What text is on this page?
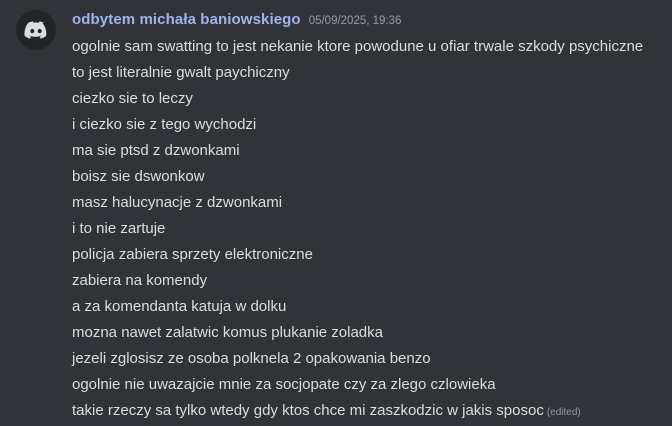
odbytem michała baniowskiego 05/09/2025, 19:36
ogolnie sam swatting to jest nekanie ktore powodune u ofiar trwale szkody psychiczne
to jest literalnie gwalt paychiczny
ciezko sie to leczy
i ciezko sie z tego wychodzi
ma sie ptsd z dzwonkami
boisz sie dswonkow
masz halucynacje z dzwonkami
i to nie zartuje
policja zabiera sprzety elektroniczne
zabiera na komendy
a za komendanta katuja w dolku
mozna nawet zalatwic komus plukanie zoladka
jezeli zglosisz ze osoba polknela 2 opakowania benzo
ogolnie nie uwazajcie mnie za socjopate czy za zlego czlowieka
takie rzeczy sa tylko wtedy gdy ktos chce mi zaszkodzic w jakis sposoc (edited)
